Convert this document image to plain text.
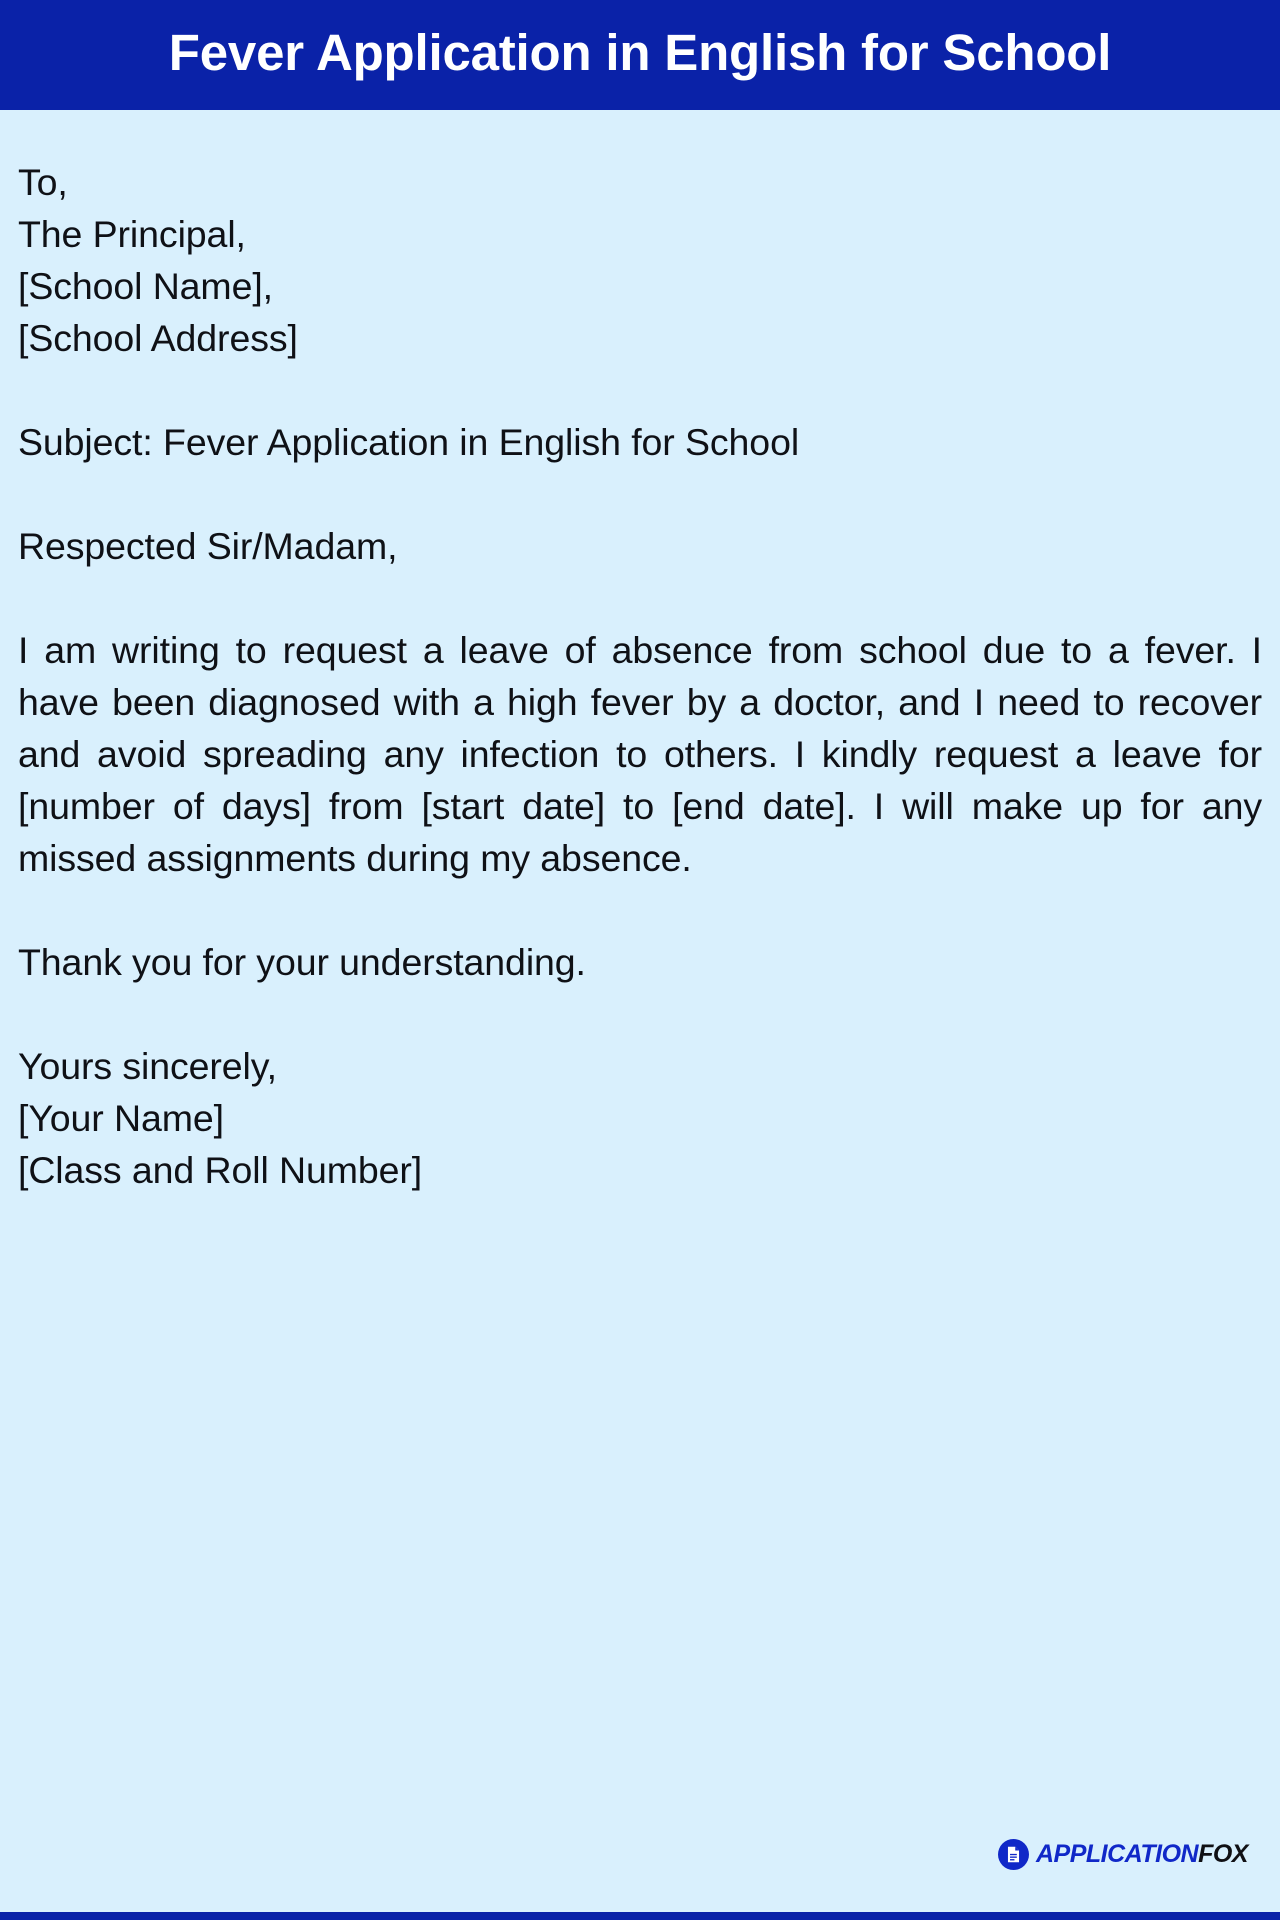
Fever Application in English for School
To,
The Principal,
[School Name],
[School Address]
Subject: Fever Application in English for School
Respected Sir/Madam,

I am writing to request a leave of absence from school due to a fever. I have been diagnosed with a high fever by a doctor, and I need to recover and avoid spreading any infection to others. I kindly request a leave for [number of days] from [start date] to [end date]. I will make up for any missed assignments during my absence.

Thank you for your understanding.
Yours sincerely,
[Your Name]
[Class and Roll Number]
APPLICATIONFOX
